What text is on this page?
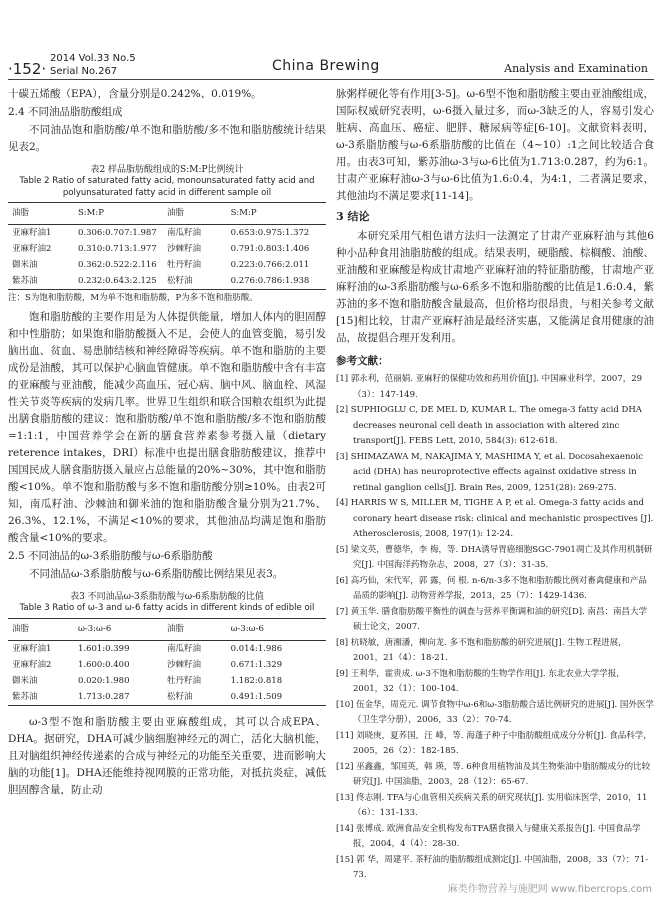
·152·
2014 Vol.33 No.5
Serial No.267	China Brewing	Analysis and Examination

十碳五烯酸（EPA），含量分别是0.242%、0.019%。

2.4 不同油品脂肪酸组成

不同油品饱和脂肪酸/单不饱和脂肪酸/多不饱和脂肪酸统计结果见表2。

表2 样品脂肪酸组成的S:M:P比例统计
Table 2 Ratio of saturated fatty acid, monounsaturated fatty acid and polyunsaturated fatty acid in different sample oil
油脂	S:M:P	油脂	S:M:P
亚麻籽油1	0.306:0.707:1.987	南瓜籽油	0.653:0.975:1.372
亚麻籽油2	0.310:0.713:1.977	沙棘籽油	0.791:0.803:1.406
御米油	0.362:0.522:2.116	牡丹籽油	0.223:0.766:2.011
紫苏油	0.232:0.643:2.125	松籽油	0.276:0.786:1.938
注：S为饱和脂肪酸，M为单不饱和脂肪酸，P为多不饱和脂肪酸。

饱和脂肪酸的主要作用是为人体提供能量，增加人体内的胆固醇和中性脂肪；如果饱和脂肪酸摄入不足，会使人的血管变脆，易引发脑出血、贫血、易患肺结核和神经障碍等疾病。单不饱和脂肪的主要成份是油酸，其可以保护心脑血管健康。单不饱和脂肪酸中含有丰富的亚麻酸与亚油酸，能减少高血压、冠心病、脑中风、脑血栓、风湿性关节炎等疾病的发病几率。世界卫生组织和联合国粮农组织为此提出膳食脂肪酸的建议：饱和脂肪酸/单不饱和脂肪酸/多不饱和脂肪酸=1:1:1，中国营养学会在新的膳食营养素参考摄入量（dietary reterence intakes，DRI）标准中也提出膳食脂肪酸建议，推荐中国国民成人膳食脂肪摄入量应占总能量的20%~30%，其中饱和脂肪酸<10%。单不饱和脂肪酸与多不饱和脂肪酸分别≥10%。由表2可知，南瓜籽油、沙棘油和御米油的饱和脂肪酸含量分别为21.7%、26.3%、12.1%，不满足<10%的要求，其他油品均满足饱和脂肪酸含量<10%的要求。

2.5 不同油品的ω-3系脂肪酸与ω-6系脂肪酸

不同油品ω-3系脂肪酸与ω-6系脂肪酸比例结果见表3。

表3 不同油品ω-3系脂肪酸与ω-6系脂肪酸的比值
Table 3 Ratio of ω-3 and ω-6 fatty acids in different kinds of edible oil
油脂	ω-3:ω-6	油脂	ω-3:ω-6
亚麻籽油1	1.601:0.399	南瓜籽油	0.014:1.986
亚麻籽油2	1.600:0.400	沙棘籽油	0.671:1.329
御米油	0.020:1.980	牡丹籽油	1.182:0.818
紫苏油	1.713:0.287	松籽油	0.491:1.509

ω-3型不饱和脂肪酸主要由亚麻酸组成，其可以合成EPA、DHA。据研究，DHA可减少脑细胞神经元的凋亡，活化大脑机能，且对脑组织神经传递素的合成与神经元的功能至关重要，进而影响大脑的功能[1]。DHA还能维持视网膜的正常功能，对抵抗炎症，减低胆固醇含量，防止动

脉粥样硬化等有作用[3-5]。ω-6型不饱和脂肪酸主要由亚油酸组成，国际权威研究表明，ω-6摄入量过多，而ω-3缺乏的人，容易引发心脏病、高血压、癌症、肥胖、糖尿病等症[6-10]。文献资料表明，ω-3系脂肪酸与ω-6系脂肪酸的比值在（4~10）:1之间比较适合食用。由表3可知，紫苏油ω-3与ω-6比值为1.713:0.287，约为6:1。甘肃产亚麻籽油ω-3与ω-6比值为1.6:0.4，为4:1，二者满足要求，其他油均不满足要求[11-14]。

3 结论

本研究采用气相色谱方法归一法测定了甘肃产亚麻籽油与其他6种小品种食用油脂肪酸的组成。结果表明，硬脂酸、棕榈酸、油酸、亚油酸和亚麻酸是构成甘肃地产亚麻籽油的特征脂肪酸，甘肃地产亚麻籽油的ω-3系脂肪酸与ω-6系多不饱和脂肪酸的比值是1.6:0.4，紫苏油的多不饱和脂肪酸含量最高，但价格均很昂贵，与相关参考文献[15]相比较，甘肃产亚麻籽油是最经济实惠，又能满足食用健康的油品，故提倡合理开发利用。

参考文献：

[1] 郭永利，范丽娟. 亚麻籽的保健功效和药用价值[J]. 中国麻业科学，2007，29（3）：147-149.

[2] SUPHIOGLU C, DE MEL D, KUMAR L. The omega-3 fatty acid DHA decreases neuronal cell death in association with altered zinc transport[J]. FEBS Lett, 2010, 584(3): 612-618.

[3] SHIMAZAWA M, NAKAJIMA Y, MASHIMA Y, et al. Docosahexaenoic acid (DHA) has neuroprotective effects against oxidative stress in retinal ganglion cells[J]. Brain Res, 2009, 1251(28): 269-275.

[4] HARRIS W S, MILLER M, TIGHE A P, et al. Omega-3 fatty acids and coronary heart disease risk: clinical and mechanistic prospectives [J]. Atherosclerosis, 2008, 197(1): 12-24.

[5] 梁文英，曹德华，李 梅，等. DHA诱导胃癌细胞SGC-7901凋亡及其作用机制研究[J]. 中国海洋药物杂志，2008，27（3）：31-35.

[6] 高巧仙，宋代军，郭 露，何 根. n-6/n-3多不饱和脂肪酸比例对畜禽健康和产品品质的影响[J]. 动物营养学报，2013，25（7）：1429-1436.

[7] 黄玉华. 膳食脂肪酸平衡性的调查与营养平衡调和油的研究[D]. 南昌：南昌大学硕士论文，2007.

[8] 杭晓敏，唐湘潘，柳向龙. 多不饱和脂肪酸的研究进展[J]. 生物工程进展，2001，21（4）：18-21.

[9] 王利华，霍贵成. ω-3不饱和脂肪酸的生物学作用[J]. 东北农业大学学报，2001，32（1）：100-104.

[10] 伍金华，周克元. 调节食物中ω-6和ω-3脂肪酸合适比例研究的进展[J]. 国外医学（卫生学分册），2006，33（2）：70-74.

[11] 刘晓庚，夏荞国，汪 峰，等. 海蓬子种子中脂肪酸组成成分分析[J]. 食品科学，2005，26（2）：182-185.

[12] 巫鑫鑫，邹国英，韩 瑛，等. 6种食用植物油及其生物柴油中脂肪酸成分的比较研究[J]. 中国油脂，2003，28（12）：65-67.

[13] 佟志刚. TFA与心血管相关疾病关系的研究现状[J]. 实用临床医学，2010，11（6）：131-133.

[14] 张博成. 欧洲食品安全机构发布TFA膳食摄入与健康关系报告[J]. 中国食品学报，2004，4（4）：28-30.

[15] 郭 华，周建平. 茶籽油的脂肪酸组成测定[J]. 中国油脂，2008，33（7）：71-73.

麻类作物营养与施肥网 www.fibercrops.com
